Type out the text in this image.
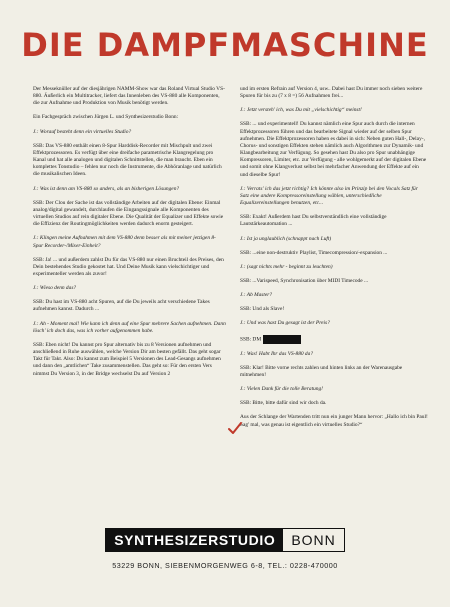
DIE DAMPFMASCHINE

Der Messeknüller auf der diesjährigen NAMM-Show war das Roland Virtual Studio VS-880. Äußerlich ein Multitracker, liefert das Innenleben des VS-880 alle Komponenten, die zur Aufnahme und Produktion von Musik benötigt werden.

Ein Fachgespräch zwischen Jürgen L. und Synthesizerstudio Bonn:

J.: Worauf besteht denn ein virtuelles Studio?

SSB: Das VS-880 enthält einen 8-Spur Harddisk-Recorder mit Mischpult und zwei Effektprozessoren. Es verfügt über eine dreifache parametrische Klangregelung pro Kanal und hat alle analogen und digitalen Schnittstellen, die man braucht. Eben ein komplettes Tonstudio – fehlen nur noch die Instrumente, die Abhöranlage und natürlich die musikalischen Ideen.

J.: Was ist denn am VS-880 so anders, als an bisherigen Lösungen?

SSB: Der Clou der Sache ist das vollständige Arbeiten auf der digitalen Ebene: Einmal analog/digital gewandelt, durchlaufen die Eingangssignale alle Komponenten des virtuellen Studios auf rein digitaler Ebene. Die Qualität der Equalizer und Effekte sowie die Effizienz der Routingmöglichkeiten werden dadurch enorm gesteigert.

J.: Klingen meine Aufnahmen mit dem VS-880 denn besser als mit meiner jetzigen 8-Spur Recorder-/Mixer-Einheit?

SSB: Ja! ... und außerdem zahlst Du für das VS-880 nur einen Bruchteil des Preises, den Dein bestehendes Studio gekostet hat. Und Deine Musik kann vielschichtiger und experimenteller werden als zuvor!

J.: Wieso denn das?

SSB: Du hast im VS-880 acht Spuren, auf die Du jeweils acht verschiedene Takes aufnehmen kannst. Dadurch ...

J.: Ah - Moment mal! Wie kann ich denn auf eine Spur mehrere Sachen aufnehmen. Dann lösch' ich doch das, was ich vorher aufgenommen habe.

SSB: Eben nicht! Du kannst pro Spur alternativ bis zu 8 Versionen aufnehmen und anschließend in Ruhe auswählen, welche Version Dir am besten gefällt. Das geht sogar Takt für Takt. Also: Du kannst zum Beispiel 5 Versionen des Lead-Gesangs aufnehmen und dann den „amtlichen“ Take zusammenstellen. Das geht so: Für den ersten Vers nimmst Du Version 3, in der Bridge wechselst Du auf Version 2

und im ersten Refrain auf Version 4, usw.. Dabei hast Du immer noch sieben weitere Spuren für bis zu (7 x 8 =) 56 Aufnahmen frei...

J.: Jetzt versteh' ich, was Du mit „vielschichtig“ meinst!

SSB: ... und experimentell! Du kannst nämlich eine Spur auch durch die internen Effektprozessoren führen und das bearbeitete Signal wieder auf der selben Spur aufnehmen. Die Effektprozessoren haben es dabei in sich: Neben guten Hall-, Delay-, Chorus- und sonstigen Effekten stehen nämlich auch Algorithmen zur Dynamik- und Klangbearbeitung zur Verfügung. So gesehen hast Du also pro Spur unabhängige Kompressoren, Limiter, etc. zur Verfügung - alle wohlgemerkt auf der digitalen Ebene und somit ohne Klangverlust selbst bei mehrfacher Anwendung der Effekte auf ein und dieselbe Spur!

J.: Verrats' ich das jetzt richtig? Ich könnte also im Prinzip bei den Vocals Satz für Satz eine andere Kompressoreinstellung wählen, unterschiedliche Equalizereinstellungen benutzen, etc...

SSB: Exakt! Außerdem hast Du selbstverständlich eine vollständige Lautstärkeautomation ...

J.: Ist ja unglaublich (schnappt nach Luft)

SSB: ...eine non-destruktiv Playlist, Timecompression/-expansion ...

J.: (sagt nichts mehr - beginnt zu leuchten)

SSB: ...Varispeed, Synchronisation über MIDI Timecode ...

J.: Ab Master?

SSB: Und als Slave!

J.: Und was hast Du gesagt ist der Preis?

SSB: DM

J.: Was! Habt Ihr das VS-880 da?

SSB: Klar! Bitte vorne rechts zahlen und hinten links an der Warenausgabe mitnehmen!

J.: Vielen Dank für die tolle Beratung!

SSB: Bitte, bitte dafür sind wir doch da.

Aus der Schlange der Wartenden tritt nun ein junger Mann hervor: „Hallo ich bin Paul! Sag' mal, was genau ist eigentlich ein virtuelles Studio?“

SYNTHESIZERSTUDIO	BONN
53229 BONN, SIEBENMORGENWEG 6-8, TEL.: 0228-470000
